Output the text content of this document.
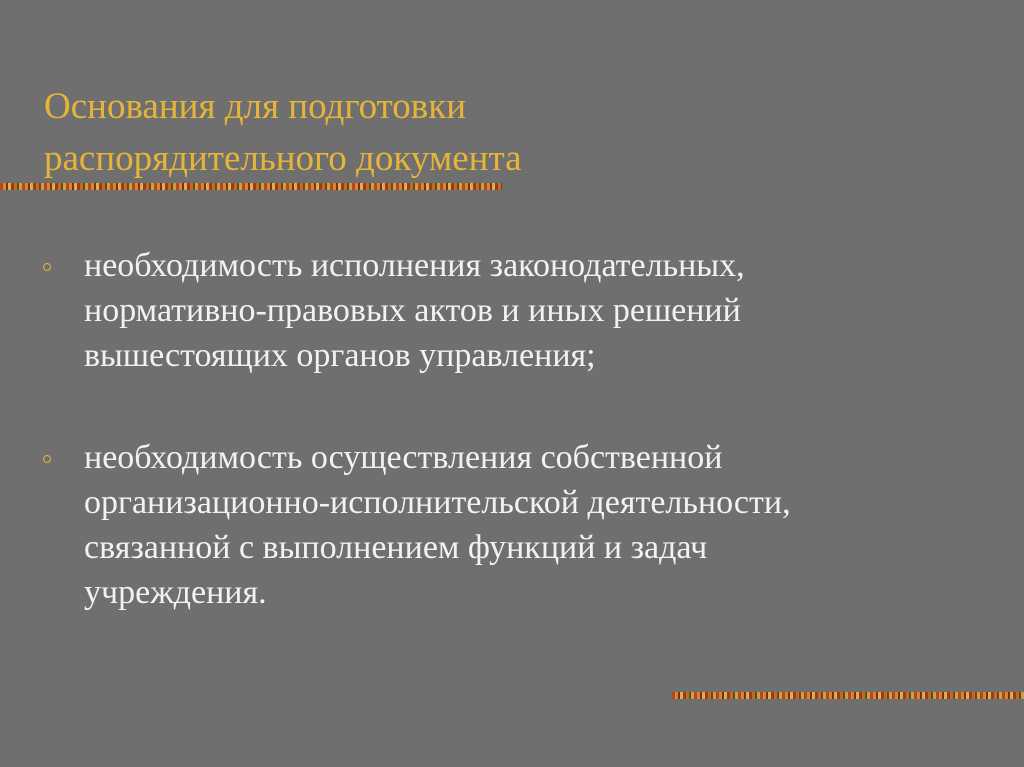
Основания для подготовки
распорядительного документа
необходимость исполнения законодательных,
нормативно-правовых актов и иных решений
вышестоящих органов управления;
необходимость осуществления собственной
организационно-исполнительской деятельности,
связанной с выполнением функций и задач
учреждения.
